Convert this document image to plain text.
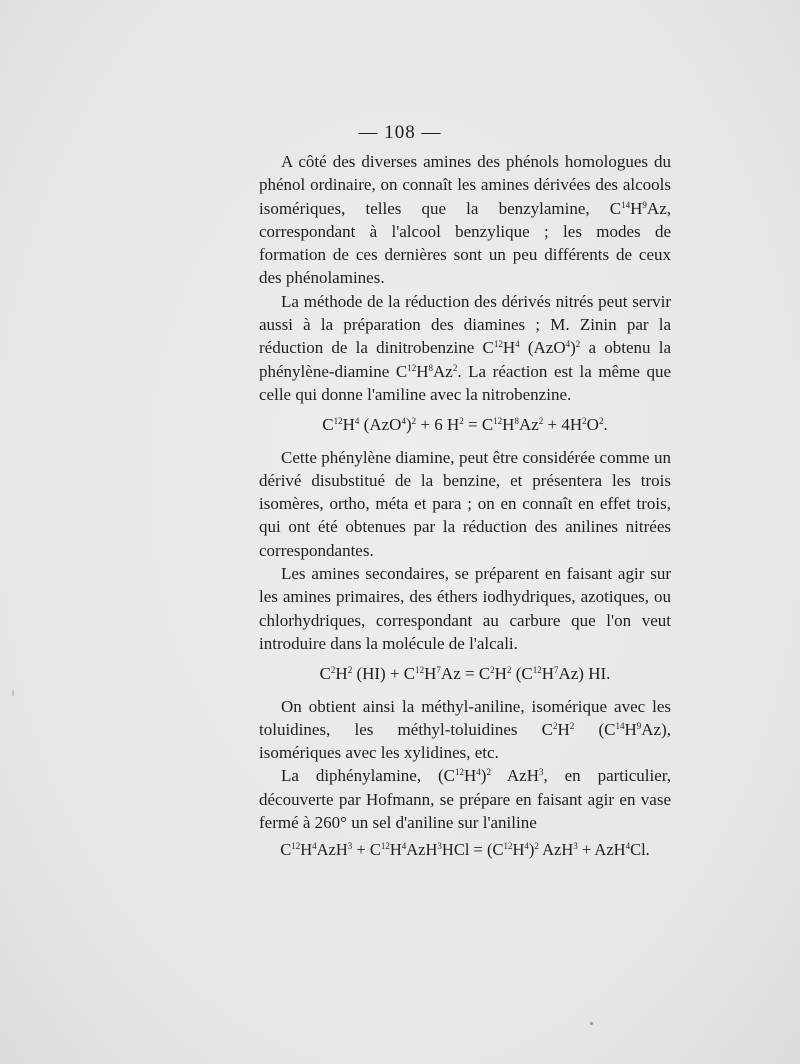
— 108 —

A côté des diverses amines des phénols homologues du phénol ordinaire, on connaît les amines dérivées des alcools isomériques, telles que la benzylamine, $C^{14}H^9Az$, correspondant à l'alcool benzylique ; les modes de formation de ces dernières sont un peu différents de ceux des phénolamines.

La méthode de la réduction des dérivés nitrés peut servir aussi à la préparation des diamines ; M. Zinin par la réduction de la dinitrobenzine $C^{12}H^4$ $(AzO^4)^2$ a obtenu la phénylène-diamine $C^{12}H^8Az^2$. La réaction est la même que celle qui donne l'amiline avec la nitrobenzine.

$C^{12}H^4$ $(AzO^4)^2 + 6$ $H^2 = C^{12}H^8Az^2 + 4H^2O^2$.

Cette phénylène diamine, peut être considérée comme un dérivé disubstitué de la benzine, et présentera les trois isomères, ortho, méta et para ; on en connaît en effet trois, qui ont été obtenues par la réduction des anilines nitrées correspondantes.

Les amines secondaires, se préparent en faisant agir sur les amines primaires, des éthers iodhydriques, azotiques, ou chlorhydriques, correspondant au carbure que l'on veut introduire dans la molécule de l'alcali.

$C^2H^2$ $(HI) + C^{12}H^7Az = C^2H^2$ $(C^{12}H^7Az)$ HI.

On obtient ainsi la méthyl-aniline, isomérique avec les toluidines, les méthyl-toluidines $C^2H^2$ $(C^{14}H^9Az)$, isomériques avec les xylidines, etc.

La diphénylamine, $(C^{12}H^4)^2$ AzH$^3$, en particulier, découverte par Hofmann, se prépare en faisant agir en vase fermé à 260° un sel d'aniline sur l'aniline

$C^{12}H^4AzH^3 + C^{12}H^4AzH^3HCl = (C^{12}H^4)^2$ AzH$^3$ + AzH$^4$Cl.
